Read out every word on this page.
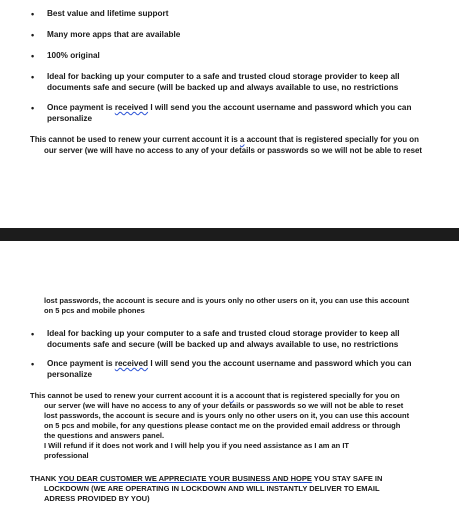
• Best value and lifetime support
• Many more apps that are available
• 100% original
• Ideal for backing up your computer to a safe and trusted cloud storage provider to keep all documents safe and secure (will be backed up and always available to use, no restrictions
• Once payment is received I will send you the account username and password which you can personalize
This cannot be used to renew your current account it is a account that is registered specially for you on
our server (we will have no access to any of your details or passwords so we will not be able to reset
lost passwords, the account is secure and is yours only no other users on it, you can use this account
on 5 pcs and mobile phones
• Ideal for backing up your computer to a safe and trusted cloud storage provider to keep all documents safe and secure (will be backed up and always available to use, no restrictions
• Once payment is received I will send you the account username and password which you can personalize
This cannot be used to renew your current account it is a account that is registered specially for you on
our server (we will have no access to any of your details or passwords so we will not be able to reset
lost passwords, the account is secure and is yours only no other users on it, you can use this account
on 5 pcs and mobile, for any questions please contact me on the provided email address or through
the questions and answers panel.
I Will refund if it does not work and I will help you if you need assistance as I am an IT
professional
THANK YOU DEAR CUSTOMER WE APPRECIATE YOUR BUSINESS AND HOPE YOU STAY SAFE IN
LOCKDOWN (WE ARE OPERATING IN LOCKDOWN AND WILL INSTANTLY DELIVER TO EMAIL
ADRESS PROVIDED BY YOU)
